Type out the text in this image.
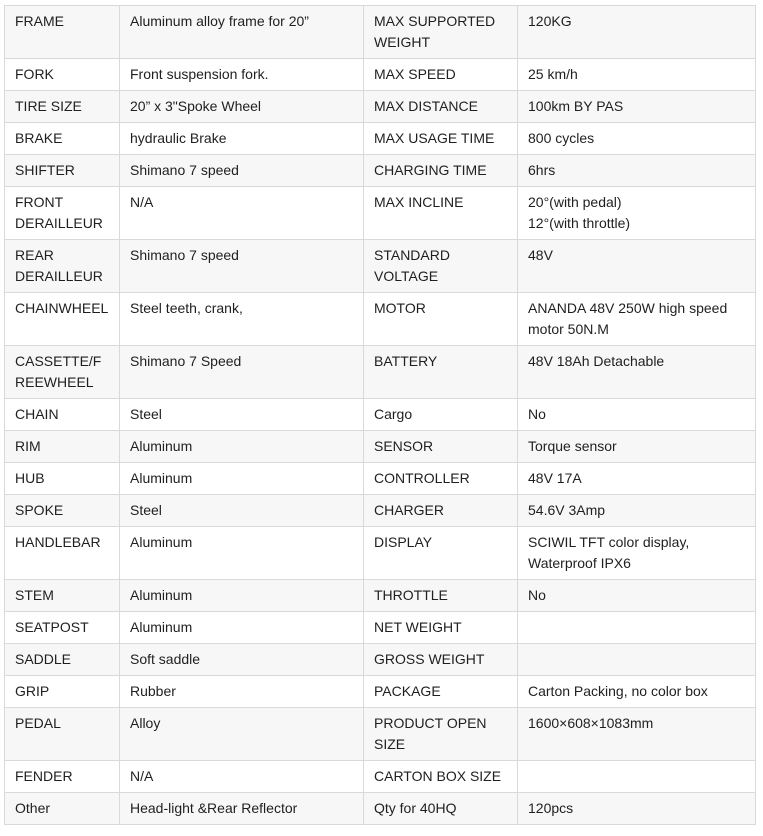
FRAME	Aluminum alloy frame for 20”	MAX SUPPORTED WEIGHT	120KG
FORK	Front suspension fork.	MAX SPEED	25 km/h
TIRE SIZE	20” x 3"Spoke Wheel	MAX DISTANCE	100km BY PAS
BRAKE	hydraulic Brake	MAX USAGE TIME	800 cycles
SHIFTER	Shimano 7 speed	CHARGING TIME	6hrs
FRONT DERAILLEUR	N/A	MAX INCLINE	20°(with pedal)
12°(with throttle)
REAR DERAILLEUR	Shimano 7 speed	STANDARD VOLTAGE	48V
CHAINWHEEL	Steel teeth, crank,	MOTOR	ANANDA 48V 250W high speed motor 50N.M
CASSETTE/FREEWHEEL	Shimano 7 Speed	BATTERY	48V 18Ah Detachable
CHAIN	Steel	Cargo	No
RIM	Aluminum	SENSOR	Torque sensor
HUB	Aluminum	CONTROLLER	48V 17A
SPOKE	Steel	CHARGER	54.6V 3Amp
HANDLEBAR	Aluminum	DISPLAY	SCIWIL TFT color display, Waterproof IPX6
STEM	Aluminum	THROTTLE	No
SEATPOST	Aluminum	NET WEIGHT	
SADDLE	Soft saddle	GROSS WEIGHT	
GRIP	Rubber	PACKAGE	Carton Packing, no color box
PEDAL	Alloy	PRODUCT OPEN SIZE	1600×608×1083mm
FENDER	N/A	CARTON BOX SIZE	
Other	Head-light &Rear Reflector	Qty for 40HQ	120pcs
